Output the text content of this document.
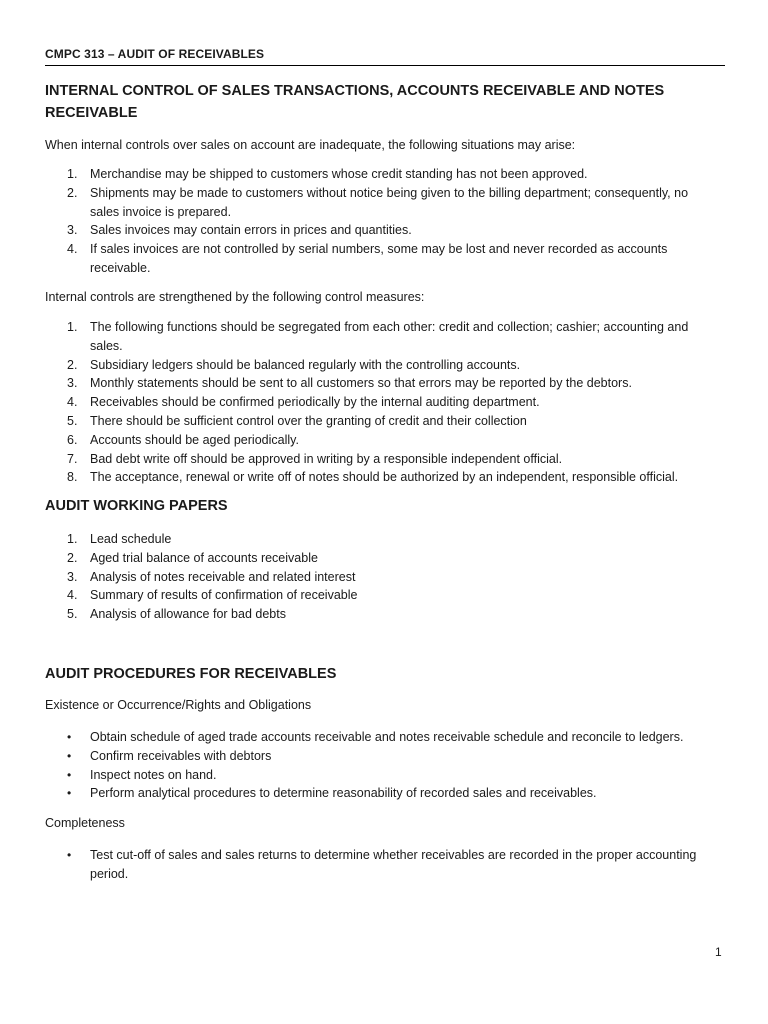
CMPC 313 – AUDIT OF RECEIVABLES
INTERNAL CONTROL OF SALES TRANSACTIONS, ACCOUNTS RECEIVABLE AND NOTES RECEIVABLE
When internal controls over sales on account are inadequate, the following situations may arise:
1. Merchandise may be shipped to customers whose credit standing has not been approved.
2. Shipments may be made to customers without notice being given to the billing department; consequently, no sales invoice is prepared.
3. Sales invoices may contain errors in prices and quantities.
4. If sales invoices are not controlled by serial numbers, some may be lost and never recorded as accounts receivable.
Internal controls are strengthened by the following control measures:
1. The following functions should be segregated from each other: credit and collection; cashier; accounting and sales.
2. Subsidiary ledgers should be balanced regularly with the controlling accounts.
3. Monthly statements should be sent to all customers so that errors may be reported by the debtors.
4. Receivables should be confirmed periodically by the internal auditing department.
5. There should be sufficient control over the granting of credit and their collection
6. Accounts should be aged periodically.
7. Bad debt write off should be approved in writing by a responsible independent official.
8. The acceptance, renewal or write off of notes should be authorized by an independent, responsible official.
AUDIT WORKING PAPERS
1. Lead schedule
2. Aged trial balance of accounts receivable
3. Analysis of notes receivable and related interest
4. Summary of results of confirmation of receivable
5. Analysis of allowance for bad debts
AUDIT PROCEDURES FOR RECEIVABLES
Existence or Occurrence/Rights and Obligations
• Obtain schedule of aged trade accounts receivable and notes receivable schedule and reconcile to ledgers.
• Confirm receivables with debtors
• Inspect notes on hand.
• Perform analytical procedures to determine reasonability of recorded sales and receivables.
Completeness
• Test cut-off of sales and sales returns to determine whether receivables are recorded in the proper accounting period.
1
